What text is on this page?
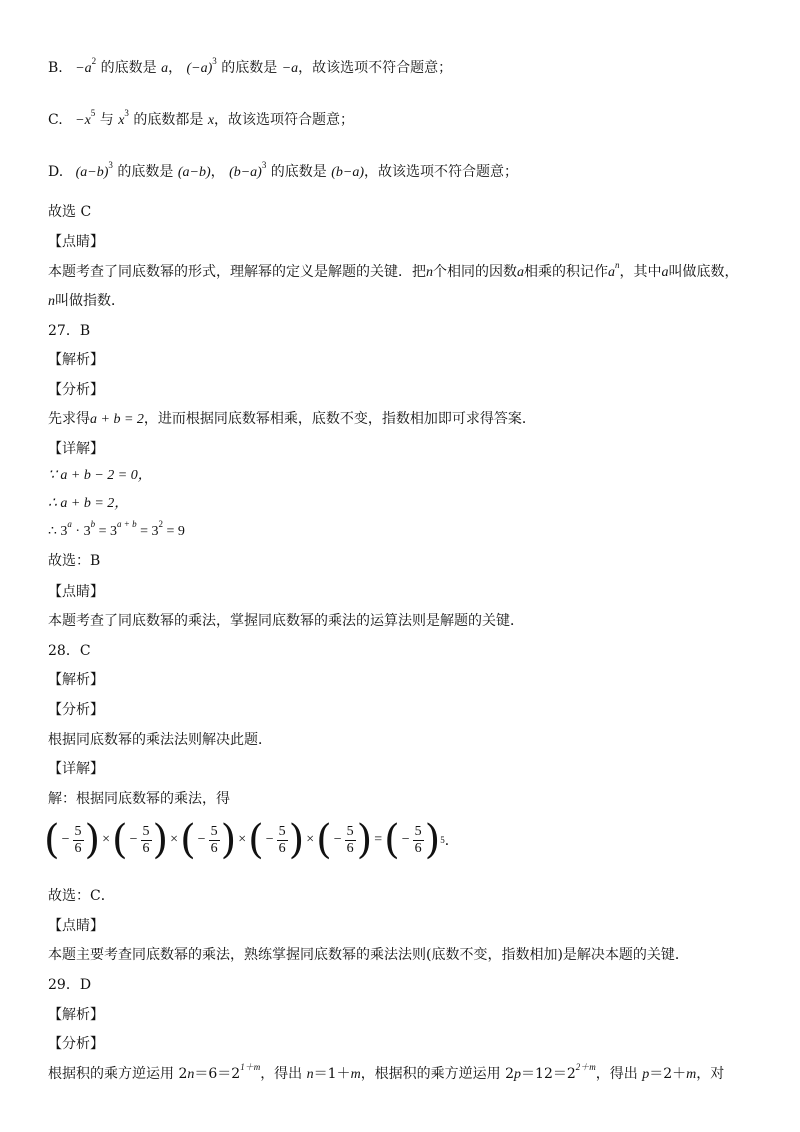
B. $-a^2$ 的底数是 a， $(-a)^3$ 的底数是 −a，故该选项不符合题意；
C. $-x^5$ 与 $x^3$ 的底数都是 x，故该选项符合题意；
D. $(a-b)^3$ 的底数是 (a−b)， $(b-a)^3$ 的底数是 (b−a)，故该选项不符合题意；
故选 C
【点睛】
本题考查了同底数幂的形式，理解幂的定义是解题的关键．把n个相同的因数a相乘的积记作$a^n$，其中a叫做底数，
n叫做指数．
27．B
【解析】
【分析】
先求得a + b = 2，进而根据同底数幂相乘，底数不变，指数相加即可求得答案．
【详解】
∵ a + b − 2 = 0，
∴ a + b = 2，
∴ $3^a \cdot 3^b = 3^{a + b} = 3^2 = 9$
故选：B
【点睛】
本题考查了同底数幂的乘法，掌握同底数幂的乘法的运算法则是解题的关键．
28．C
【解析】
【分析】
根据同底数幂的乘法法则解决此题．
【详解】
解：根据同底数幂的乘法，得
( − $\frac{5}{6}$ ) × ( − $\frac{5}{6}$ ) × ( − $\frac{5}{6}$ ) × ( − $\frac{5}{6}$ ) × ( − $\frac{5}{6}$ ) = ( − $\frac{5}{6}$ ) 5 ．
故选：C．
【点睛】
本题主要考查同底数幂的乘法，熟练掌握同底数幂的乘法法则(底数不变，指数相加)是解决本题的关键．
29．D
【解析】
【分析】
根据积的乘方逆运用 $2n=6=2^{1+m}$，得出 n＝1＋m，根据积的乘方逆运用 $2p=12=2^{2+m}$，得出 p＝2＋m，对
